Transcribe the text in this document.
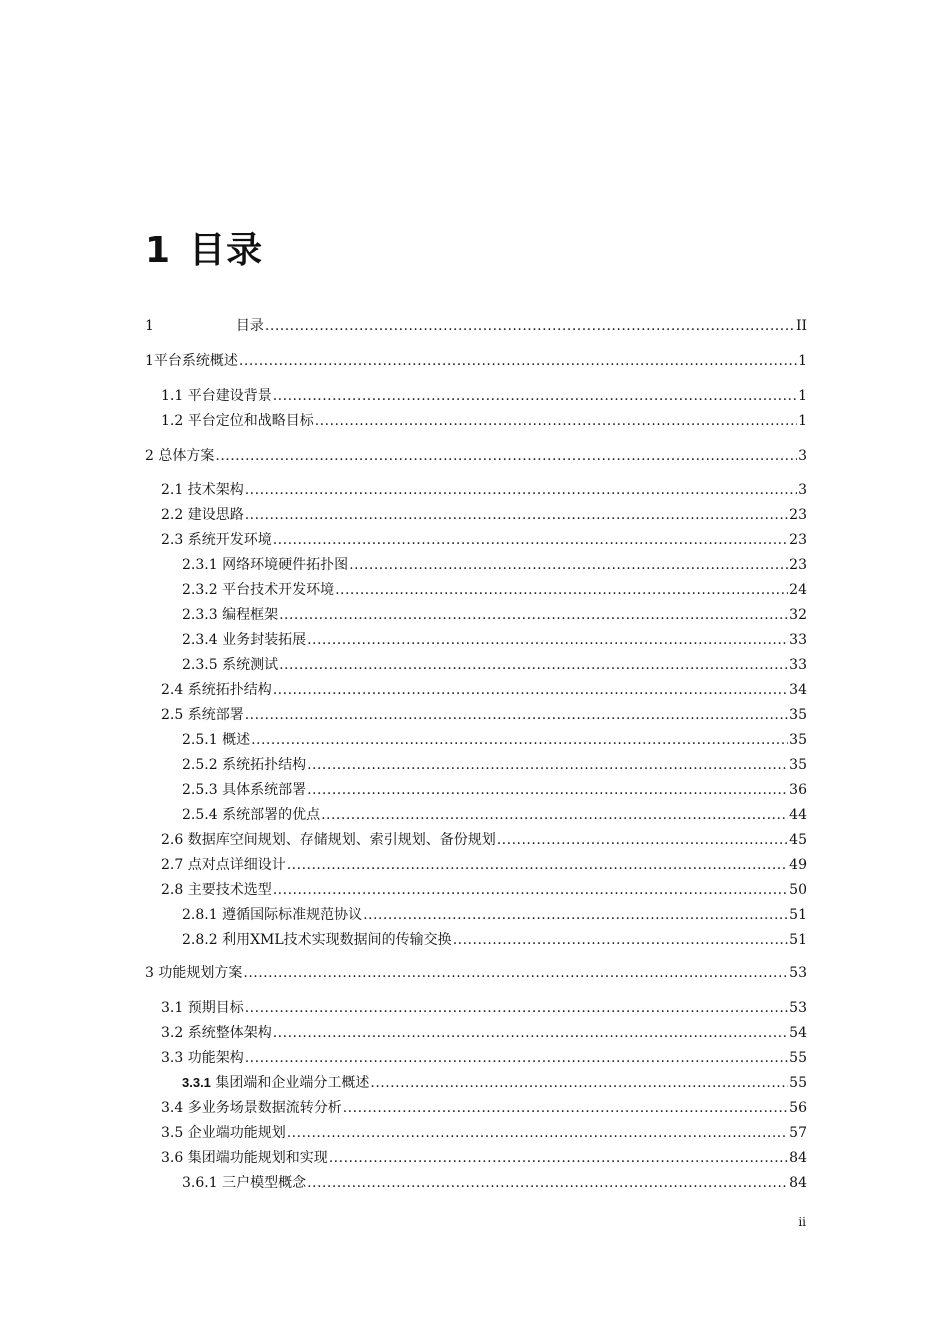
1 目录
1	目录 .....	II
1平台系统概述 .....	1
1.1 平台建设背景 .....	1
1.2 平台定位和战略目标 .....	1
2 总体方案 .....	3
2.1 技术架构 .....	3
2.2 建设思路 .....	23
2.3 系统开发环境 .....	23
2.3.1 网络环境硬件拓扑图 .....	23
2.3.2 平台技术开发环境 .....	24
2.3.3 编程框架 .....	32
2.3.4 业务封装拓展 .....	33
2.3.5 系统测试 .....	33
2.4 系统拓扑结构 .....	34
2.5 系统部署 .....	35
2.5.1 概述 .....	35
2.5.2 系统拓扑结构 .....	35
2.5.3 具体系统部署 .....	36
2.5.4 系统部署的优点 .....	44
2.6 数据库空间规划、存储规划、索引规划、备份规划 .....	45
2.7 点对点详细设计 .....	49
2.8 主要技术选型 .....	50
2.8.1 遵循国际标准规范协议 .....	51
2.8.2 利用XML技术实现数据间的传输交换 .....	51
3 功能规划方案 .....	53
3.1 预期目标 .....	53
3.2 系统整体架构 .....	54
3.3 功能架构 .....	55
3.3.1 集团端和企业端分工概述 .....	55
3.4 多业务场景数据流转分析 .....	56
3.5 企业端功能规划 .....	57
3.6 集团端功能规划和实现 .....	84
3.6.1 三户模型概念 .....	84
ii
